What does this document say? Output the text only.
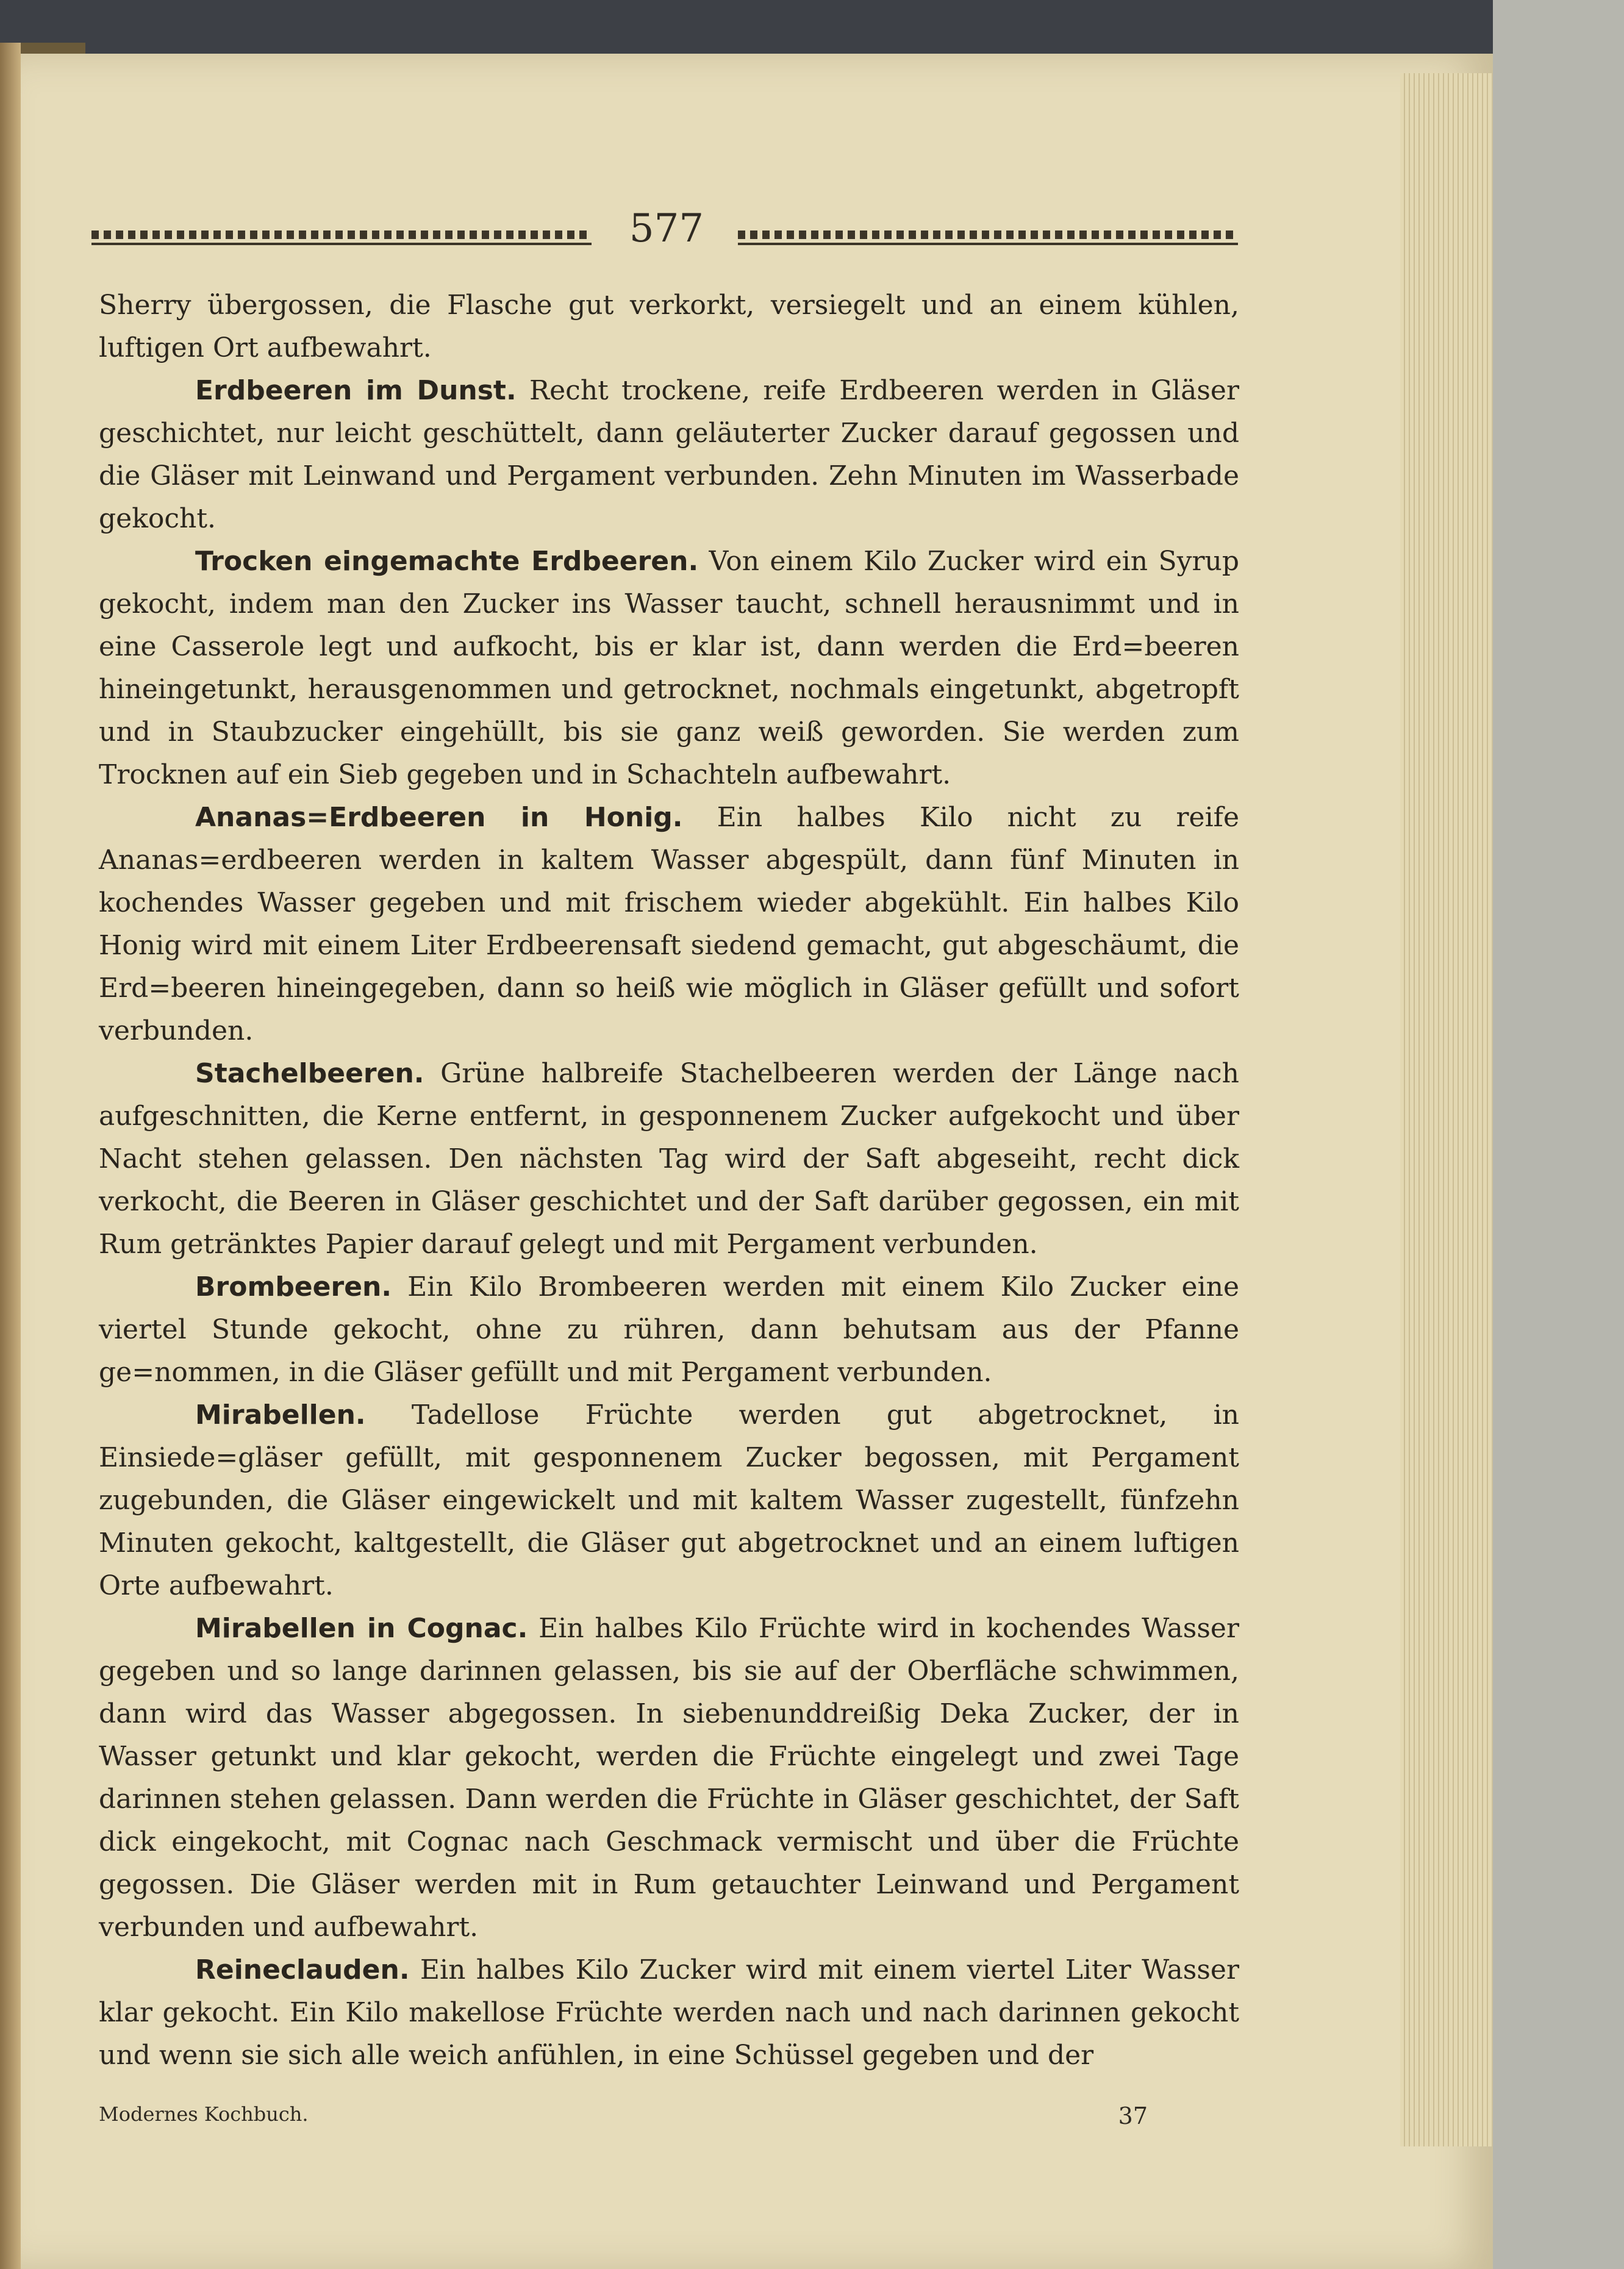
577

Sherry übergossen, die Flasche gut verkorkt, versiegelt und an einem kühlen, luftigen Ort aufbewahrt.

Erdbeeren im Dunst. Recht trockene, reife Erdbeeren werden in Gläser geschichtet, nur leicht geschüttelt, dann geläuterter Zucker darauf gegossen und die Gläser mit Leinwand und Pergament verbunden. Zehn Minuten im Wasserbade gekocht.

Trocken eingemachte Erdbeeren. Von einem Kilo Zucker wird ein Syrup gekocht, indem man den Zucker ins Wasser taucht, schnell herausnimmt und in eine Casserole legt und aufkocht, bis er klar ist, dann werden die Erd=beeren hineingetunkt, herausgenommen und getrocknet, nochmals eingetunkt, abgetropft und in Staubzucker eingehüllt, bis sie ganz weiß geworden. Sie werden zum Trocknen auf ein Sieb gegeben und in Schachteln aufbewahrt.

Ananas=Erdbeeren in Honig. Ein halbes Kilo nicht zu reife Ananas=erdbeeren werden in kaltem Wasser abgespült, dann fünf Minuten in kochendes Wasser gegeben und mit frischem wieder abgekühlt. Ein halbes Kilo Honig wird mit einem Liter Erdbeerensaft siedend gemacht, gut abgeschäumt, die Erd=beeren hineingegeben, dann so heiß wie möglich in Gläser gefüllt und sofort verbunden.

Stachelbeeren. Grüne halbreife Stachelbeeren werden der Länge nach aufgeschnitten, die Kerne entfernt, in gesponnenem Zucker aufgekocht und über Nacht stehen gelassen. Den nächsten Tag wird der Saft abgeseiht, recht dick verkocht, die Beeren in Gläser geschichtet und der Saft darüber gegossen, ein mit Rum getränktes Papier darauf gelegt und mit Pergament verbunden.

Brombeeren. Ein Kilo Brombeeren werden mit einem Kilo Zucker eine viertel Stunde gekocht, ohne zu rühren, dann behutsam aus der Pfanne ge=nommen, in die Gläser gefüllt und mit Pergament verbunden.

Mirabellen. Tadellose Früchte werden gut abgetrocknet, in Einsiede=gläser gefüllt, mit gesponnenem Zucker begossen, mit Pergament zugebunden, die Gläser eingewickelt und mit kaltem Wasser zugestellt, fünfzehn Minuten gekocht, kaltgestellt, die Gläser gut abgetrocknet und an einem luftigen Orte aufbewahrt.

Mirabellen in Cognac. Ein halbes Kilo Früchte wird in kochendes Wasser gegeben und so lange darinnen gelassen, bis sie auf der Oberfläche schwimmen, dann wird das Wasser abgegossen. In siebenunddreißig Deka Zucker, der in Wasser getunkt und klar gekocht, werden die Früchte eingelegt und zwei Tage darinnen stehen gelassen. Dann werden die Früchte in Gläser geschichtet, der Saft dick eingekocht, mit Cognac nach Geschmack vermischt und über die Früchte gegossen. Die Gläser werden mit in Rum getauchter Leinwand und Pergament verbunden und aufbewahrt.

Reineclauden. Ein halbes Kilo Zucker wird mit einem viertel Liter Wasser klar gekocht. Ein Kilo makellose Früchte werden nach und nach darinnen gekocht und wenn sie sich alle weich anfühlen, in eine Schüssel gegeben und der

Modernes Kochbuch.	37
